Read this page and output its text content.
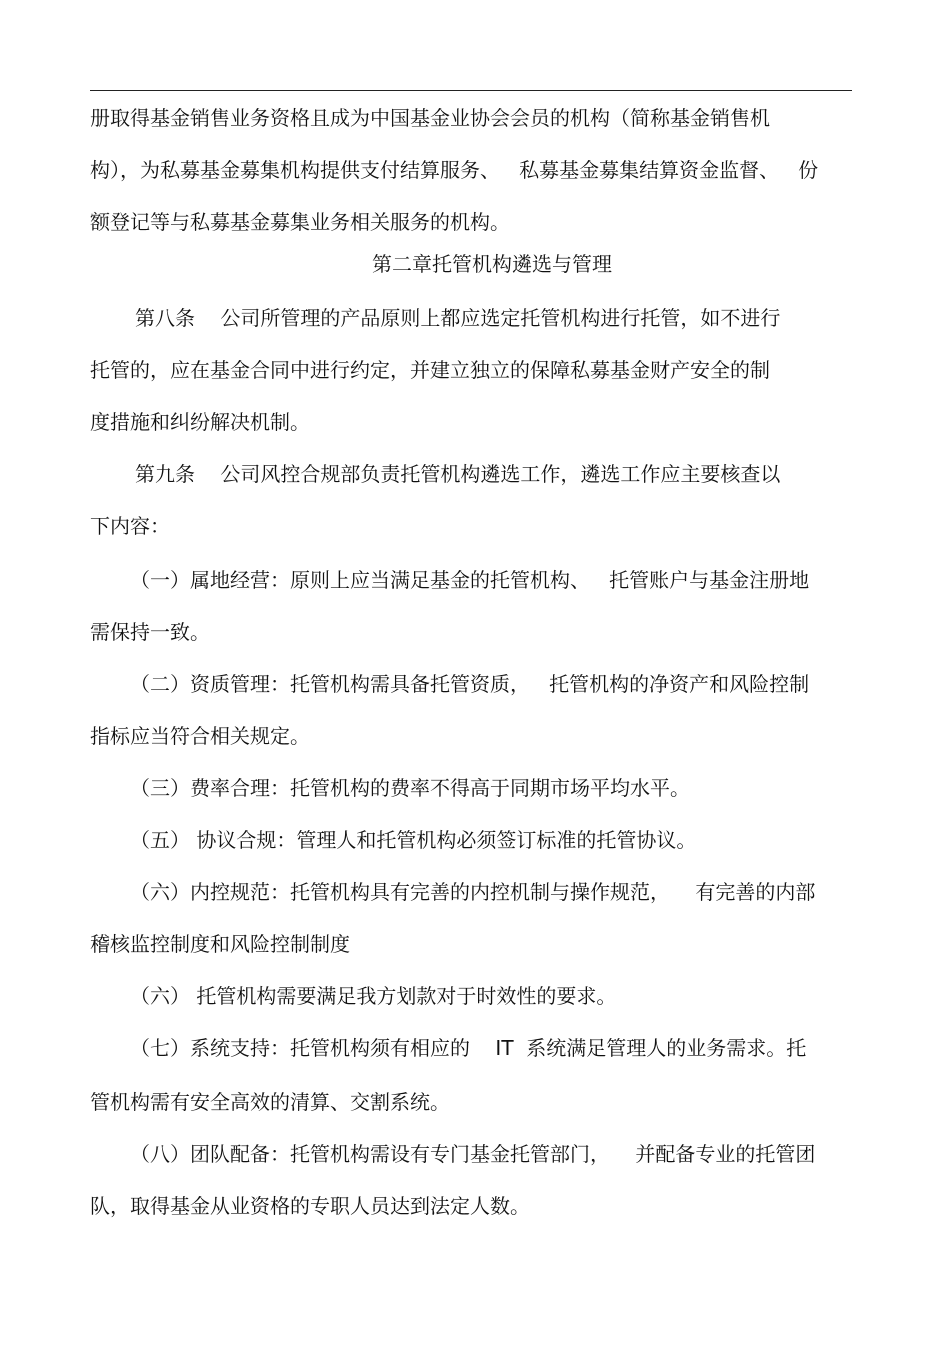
册取得基金销售业务资格且成为中国基金业协会会员的机构（简称基金销售机
构），为私募基金募集机构提供支付结算服务、   私募基金募集结算资金监督、   份
额登记等与私募基金募集业务相关服务的机构。
第二章托管机构遴选与管理
第八条    公司所管理的产品原则上都应选定托管机构进行托管，如不进行
托管的，应在基金合同中进行约定，并建立独立的保障私募基金财产安全的制
度措施和纠纷解决机制。
第九条    公司风控合规部负责托管机构遴选工作，遴选工作应主要核查以
下内容：
（一）属地经营：原则上应当满足基金的托管机构、   托管账户与基金注册地
需保持一致。
（二）资质管理：托管机构需具备托管资质，   托管机构的净资产和风险控制
指标应当符合相关规定。
（三）费率合理：托管机构的费率不得高于同期市场平均水平。
（五） 协议合规：管理人和托管机构必须签订标准的托管协议。
（六）内控规范：托管机构具有完善的内控机制与操作规范，    有完善的内部
稽核监控制度和风险控制制度
（六） 托管机构需要满足我方划款对于时效性的要求。
（七）系统支持：托管机构须有相应的    IT  系统满足管理人的业务需求。托
管机构需有安全高效的清算、交割系统。
（八）团队配备：托管机构需设有专门基金托管部门，    并配备专业的托管团
队，取得基金从业资格的专职人员达到法定人数。
